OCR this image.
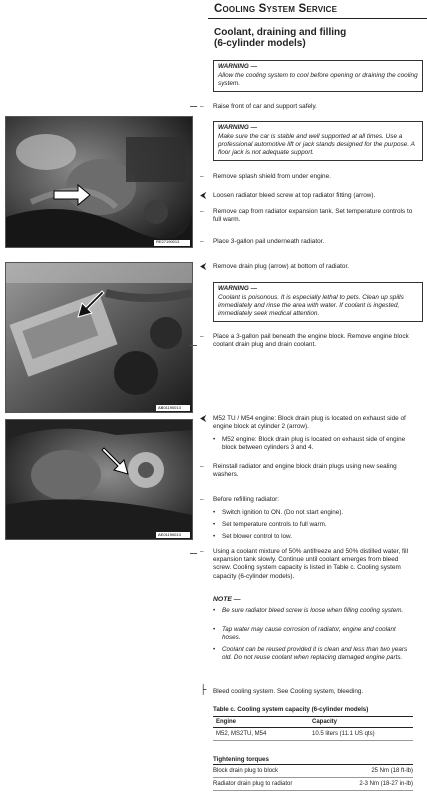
Cooling System Service
Coolant, draining and filling
(6-cylinder models)
WARNING —
Allow the cooling system to cool before opening or draining the cooling system.
–	Raise front of car and support safely.
WARNING —
Make sure the car is stable and well supported at all times. Use a professional automotive lift or jack stands designed for the purpose. A floor jack is not adequate support.
–	Remove splash shield from under engine.
⮜	Loosen radiator bleed screw at top radiator fitting (arrow).
–	Remove cap from radiator expansion tank. Set temperature controls to full warm.
–	Place 3-gallon pail underneath radiator.
⮜	Remove drain plug (arrow) at bottom of radiator.
WARNING —
Coolant is poisonous. It is especially lethal to pets. Clean up spills immediately and rinse the area with water. If coolant is ingested, immediately seek medical attention.
–	Place a 3-gallon pail beneath the engine block. Remove engine block coolant drain plug and drain coolant.
⮜	M52 TU / M54 engine: Block drain plug is located on exhaust side of engine block at cylinder 2 (arrow).
•	M52 engine: Block drain plug is located on exhaust side of engine block between cylinders 3 and 4.
–	Reinstall radiator and engine block drain plugs using new sealing washers.
–	Before refilling radiator:
•	Switch ignition to ON. (Do not start engine).
•	Set temperature controls to full warm.
•	Set blower control to low.
–	Using a coolant mixture of 50% antifreeze and 50% distilled water, fill expansion tank slowly. Continue until coolant emerges from bleed screw. Cooling system capacity is listed in Table c. Cooling system capacity (6-cylinder models).
NOTE —
•	Be sure radiator bleed screw is loose when filling cooling system.
•	Tap water may cause corrosion of radiator, engine and coolant hoses.
•	Coolant can be reused provided it is clean and less than two years old. Do not reuse coolant when replacing damaged engine parts.
├	Bleed cooling system. See Cooling system, bleeding.
Table c. Cooling system capacity (6-cylinder models)
Engine	Capacity
M52, MS2TU, M54	10.5 liters (11.1 US qts)
Tightening torques
Block drain plug to block	25 Nm (18 ft-lb)
Radiator drain plug to radiator	2-3 Nm (18-27 in-lb)
RE27190013
AB01190013
AE01190013
